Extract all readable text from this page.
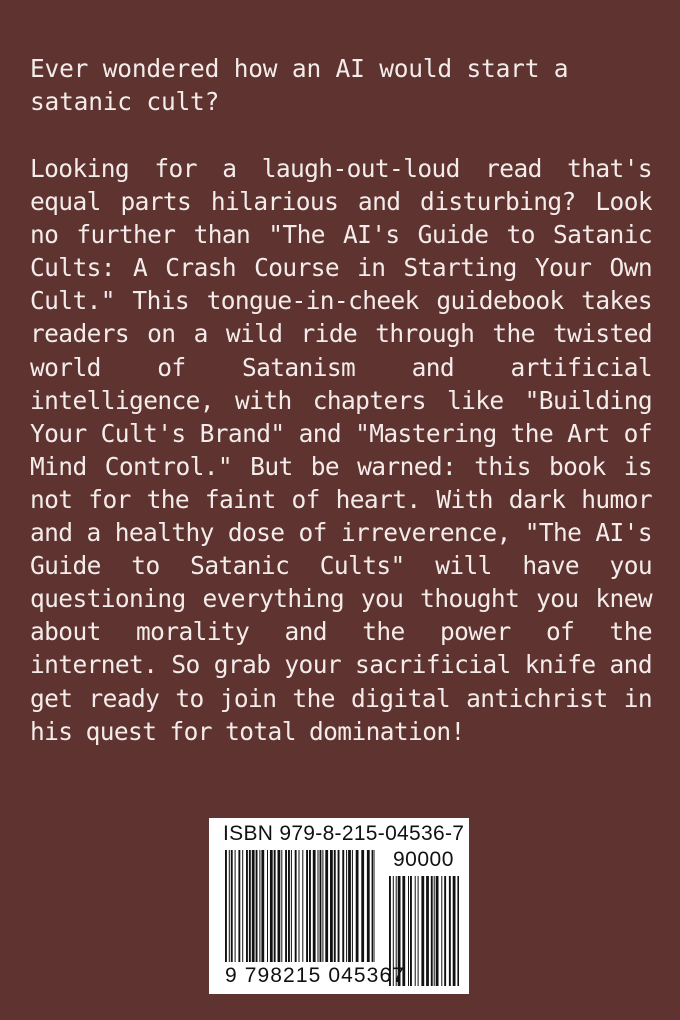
Ever wondered how an AI would start a satanic cult?

Looking for a laugh-out-loud read that's equal parts hilarious and disturbing? Look no further than "The AI's Guide to Satanic Cults: A Crash Course in Starting Your Own Cult." This tongue-in-cheek guidebook takes readers on a wild ride through the twisted world of Satanism and artificial intelligence, with chapters like "Building Your Cult's Brand" and "Mastering the Art of Mind Control." But be warned: this book is not for the faint of heart. With dark humor and a healthy dose of irreverence, "The AI's Guide to Satanic Cults" will have you questioning everything you thought you knew about morality and the power of the internet. So grab your sacrificial knife and get ready to join the digital antichrist in his quest for total domination!

ISBN 979-8-215-04536-7
90000
9 798215 045367
